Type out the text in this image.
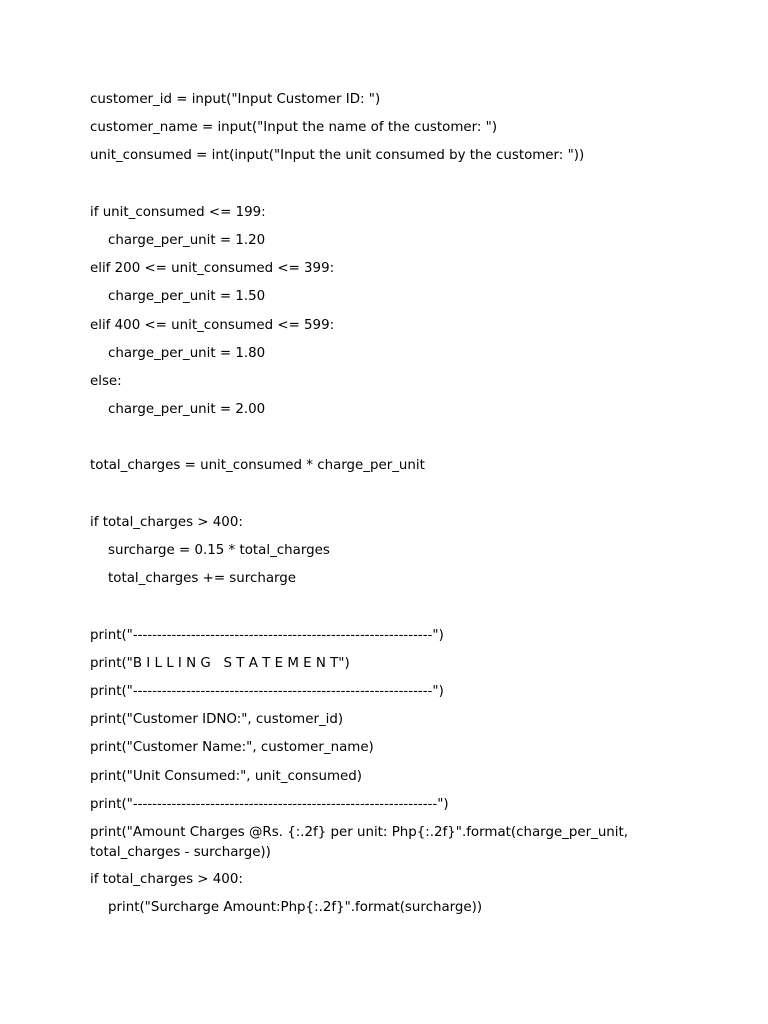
customer_id = input("Input Customer ID: ")
customer_name = input("Input the name of the customer: ")
unit_consumed = int(input("Input the unit consumed by the customer: "))
if unit_consumed <= 199:
charge_per_unit = 1.20
elif 200 <= unit_consumed <= 399:
charge_per_unit = 1.50
elif 400 <= unit_consumed <= 599:
charge_per_unit = 1.80
else:
charge_per_unit = 2.00
total_charges = unit_consumed * charge_per_unit
if total_charges > 400:
surcharge = 0.15 * total_charges
total_charges += surcharge
print("--------------------------------------------------------------")
print("B I L L I N G   S T A T E M E N T")
print("--------------------------------------------------------------")
print("Customer IDNO:", customer_id)
print("Customer Name:", customer_name)
print("Unit Consumed:", unit_consumed)
print("---------------------------------------------------------------")
print("Amount Charges @Rs. {:.2f} per unit: Php{:.2f}".format(charge_per_unit, total_charges - surcharge))
if total_charges > 400:
print("Surcharge Amount:Php{:.2f}".format(surcharge))
